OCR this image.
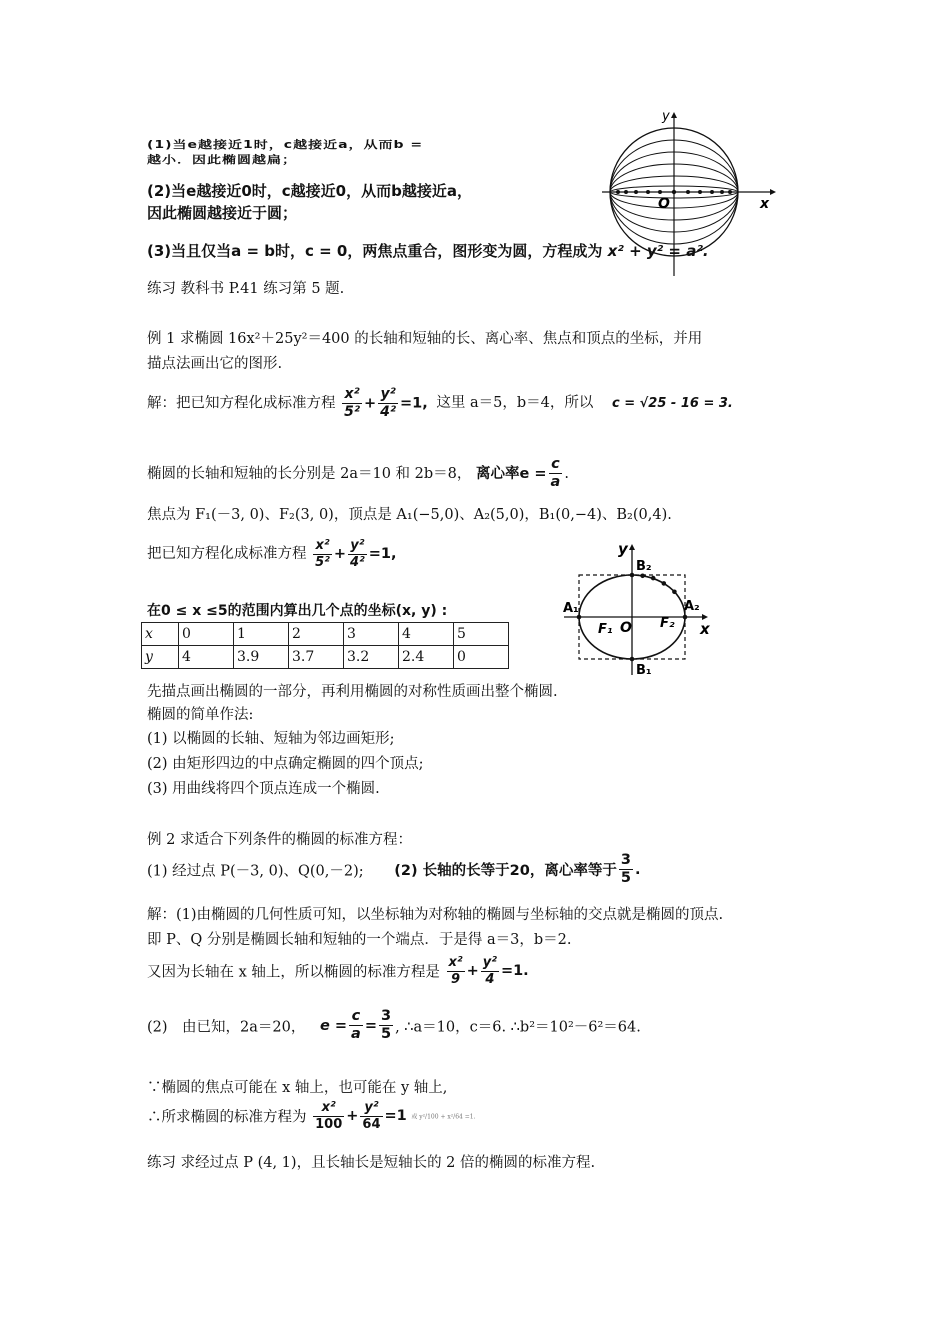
(1)当e越接近1时，c越接近a，从而b =
越小．因此椭圆越扁；
(2)当e越接近0时，c越接近0，从而b越接近a，
因此椭圆越接近于圆；
(3)当且仅当a = b时，c = 0，两焦点重合，图形变为圆，方程成为 x² + y² = a².
练习 教科书 P.41 练习第 5 题.
y
x
O
例 1 求椭圆 16x²＋25y²＝400 的长轴和短轴的长、离心率、焦点和顶点的坐标，并用
描点法画出它的图形.
解：把已知方程化成标准方程 $\frac{\text{x²}}{\text{5²}} + \frac{\text{y²}}{\text{4²}} =1$, 这里 a＝5，b＝4，所以 c = √25 - 16 = 3.
椭圆的长轴和短轴的长分别是 2a＝10 和 2b＝8， 离心率$e = \frac{c}{a}$ .
焦点为 F₁(－3, 0)、F₂(3, 0)，顶点是 A₁(−5,0)、A₂(5,0)，B₁(0,−4)、B₂(0,4).
把已知方程化成标准方程 $\frac{\text{x²}}{\text{5²}} + \frac{\text{y²}}{\text{4²}} =1$,
在0 ≤ x ≤5的范围内算出几个点的坐标(x, y) :
x	0	1	2	3	4	5
y	4	3.9	3.7	3.2	2.4	0
y
x
O
A₁	A₂
B₂
B₁
F₁	F₂
先描点画出椭圆的一部分，再利用椭圆的对称性质画出整个椭圆.
椭圆的简单作法:
(1) 以椭圆的长轴、短轴为邻边画矩形;
(2) 由矩形四边的中点确定椭圆的四个顶点;
(3) 用曲线将四个顶点连成一个椭圆.
例 2 求适合下列条件的椭圆的标准方程：
(1) 经过点 P(－3, 0)、Q(0,－2); (2) 长轴的长等于20，离心率等于 $\frac{3}{5}$ .
解：(1)由椭圆的几何性质可知，以坐标轴为对称轴的椭圆与坐标轴的交点就是椭圆的顶点.
即 P、Q 分别是椭圆长轴和短轴的一个端点．于是得 a＝3，b＝2.
又因为长轴在 x 轴上，所以椭圆的标准方程是 $\frac{\text{x²}}{9} + \frac{\text{y²}}{4} =1$.
(2)　由已知，2a＝20， $e = \frac{c}{a} = \frac{3}{5}$ , ∴a＝10，c＝6. ∴b²＝10²－6²＝64.
∵椭圆的焦点可能在 x 轴上，也可能在 y 轴上,
∴所求椭圆的标准方程为 $\frac{\text{x²}}{100} + \frac{\text{y²}}{64} =1$ 或 y²/100 + x²/64 =1.
练习 求经过点 P (4, 1)，且长轴长是短轴长的 2 倍的椭圆的标准方程.
